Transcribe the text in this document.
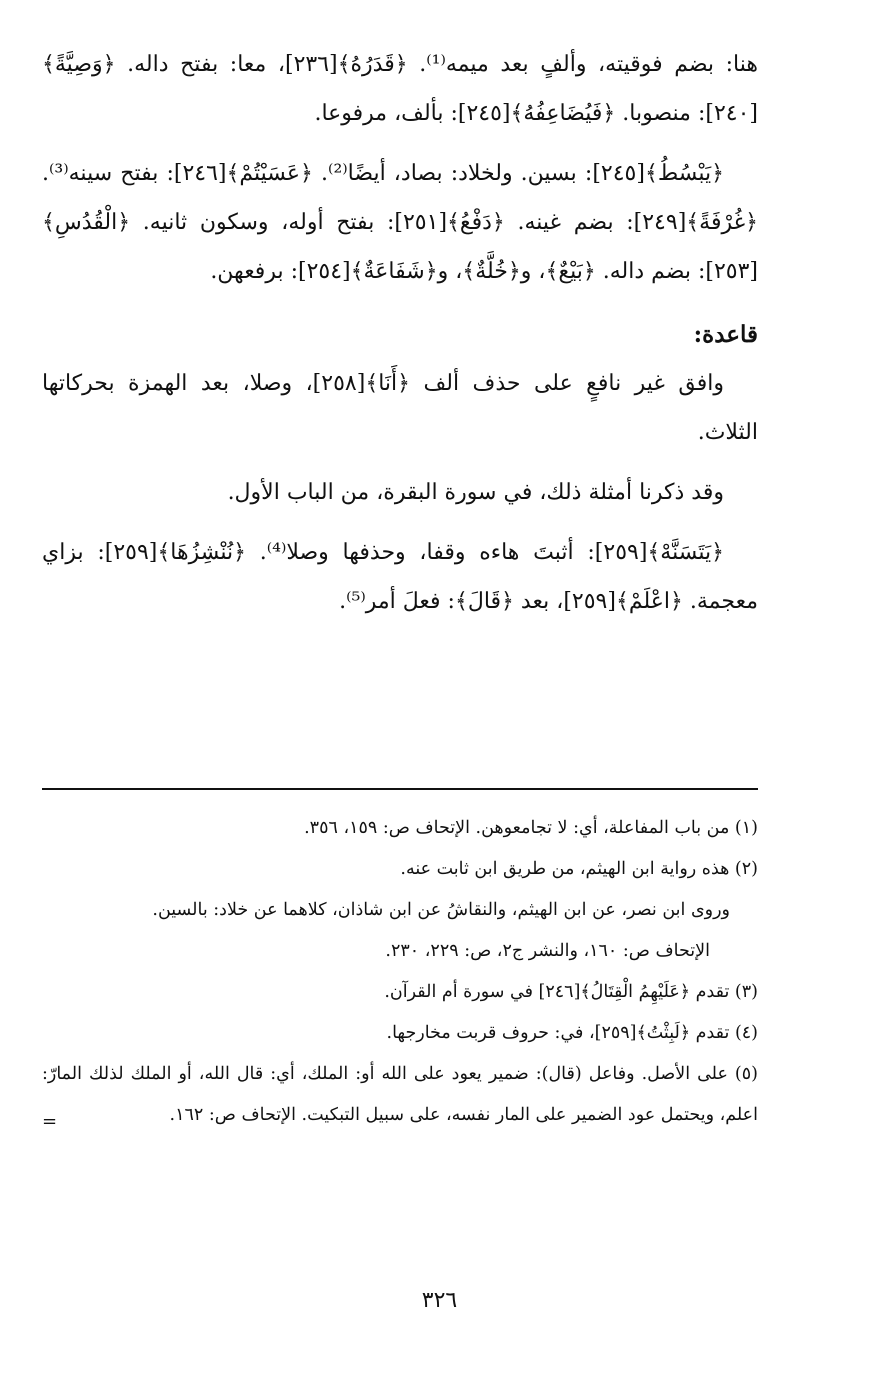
هنا: بضم فوقيته، وألفٍ بعد ميمه⁽¹⁾. ﴿قَدَرُهُ﴾[٢٣٦]، معا: بفتح داله. ﴿وَصِيَّةً﴾[٢٤٠]: منصوبا. ﴿فَيُضَاعِفُهُ﴾[٢٤٥]: بألف، مرفوعا.

﴿يَبْسُطُ﴾[٢٤٥]: بسين. ولخلاد: بصاد، أيضًا⁽²⁾. ﴿عَسَيْتُمْ﴾[٢٤٦]: بفتح سينه⁽³⁾. ﴿غُرْفَةً﴾[٢٤٩]: بضم غينه. ﴿دَفْعُ﴾[٢٥١]: بفتح أوله، وسكون ثانيه. ﴿الْقُدُسِ﴾[٢٥٣]: بضم داله. ﴿بَيْعٌ﴾، و﴿خُلَّةٌ﴾، و﴿شَفَاعَةٌ﴾[٢٥٤]: برفعهن.

قاعدة:

وافق غير نافعٍ على حذف ألف ﴿أَنَا﴾[٢٥٨]، وصلا، بعد الهمزة بحركاتها الثلاث.

وقد ذكرنا أمثلة ذلك، في سورة البقرة، من الباب الأول.

﴿يَتَسَنَّهْ﴾[٢٥٩]: أثبتَ هاءه وقفا، وحذفها وصلا⁽⁴⁾. ﴿نُنْشِزُهَا﴾[٢٥٩]: بزاي معجمة. ﴿اعْلَمْ﴾[٢٥٩]، بعد ﴿قَالَ﴾: فعلَ أمر⁽⁵⁾.

(١) من باب المفاعلة، أي: لا تجامعوهن. الإتحاف ص: ١٥٩، ٣٥٦.

(٢) هذه رواية ابن الهيثم، من طريق ابن ثابت عنه.

وروى ابن نصر، عن ابن الهيثم، والنقاشُ عن ابن شاذان، كلاهما عن خلاد: بالسين.

الإتحاف ص: ١٦٠، والنشر ج٢، ص: ٢٢٩، ٢٣٠.

(٣) تقدم ﴿عَلَيْهِمُ الْقِتَالُ﴾[٢٤٦] في سورة أم القرآن.

(٤) تقدم ﴿لَبِثْتُ﴾[٢٥٩]، في: حروف قربت مخارجها.

(٥) على الأصل. وفاعل (قال): ضمير يعود على الله أو: الملك، أي: قال الله، أو الملك لذلك المارّ: اعلم، ويحتمل عود الضمير على المار نفسه، على سبيل التبكيت. الإتحاف ص: ١٦٢.

=
٣٢٦
